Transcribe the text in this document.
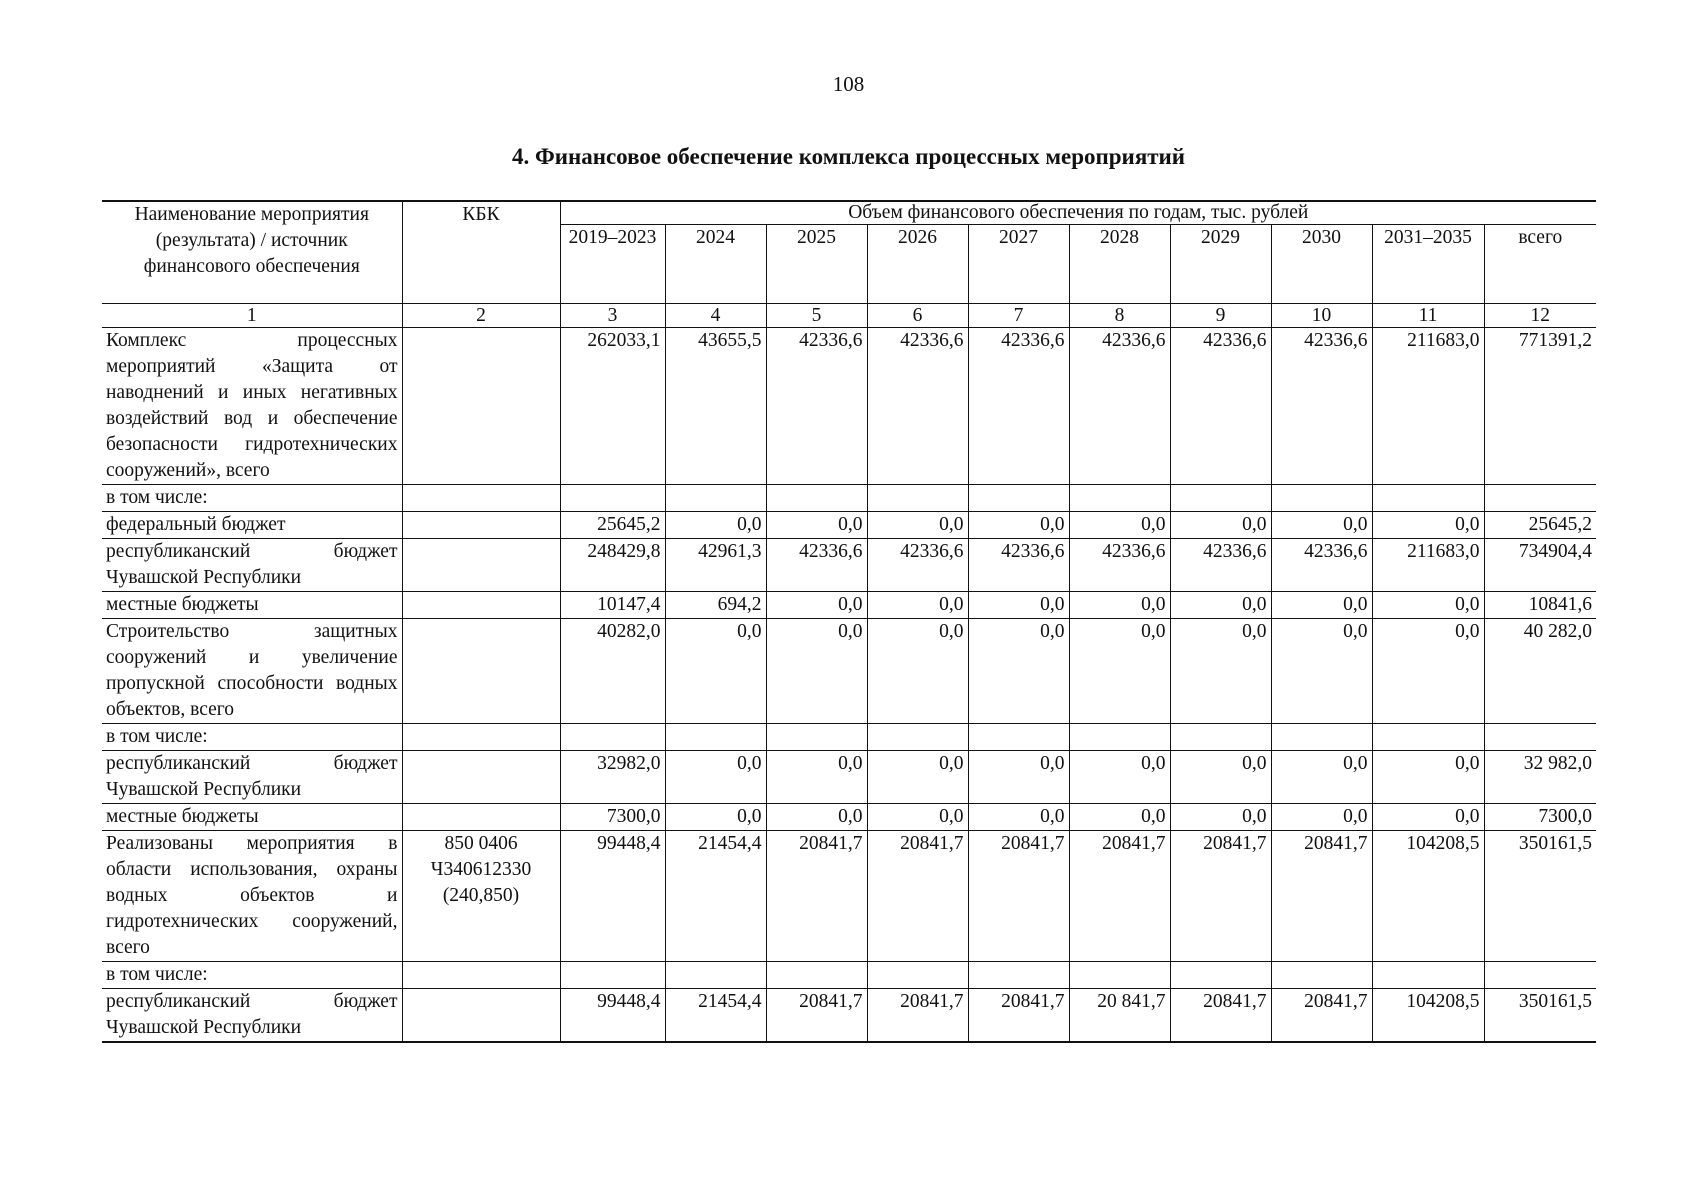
108
4. Финансовое обеспечение комплекса процессных мероприятий
Наименование мероприятия (результата) / источник финансового обеспечения	КБК	Объем финансового обеспечения по годам, тыс. рублей									
		2019–2023	2024	2025	2026	2027	2028	2029	2030	2031–2035	всего
1	2	3	4	5	6	7	8	9	10	11	12
Комплекс процессных мероприятий «Защита от наводнений и иных негативных воздействий вод и обеспечение безопасности гидротехнических сооружений», всего		262033,1	43655,5	42336,6	42336,6	42336,6	42336,6	42336,6	42336,6	211683,0	771391,2
в том числе:											
федеральный бюджет		25645,2	0,0	0,0	0,0	0,0	0,0	0,0	0,0	0,0	25645,2
республиканский бюджет Чувашской Республики		248429,8	42961,3	42336,6	42336,6	42336,6	42336,6	42336,6	42336,6	211683,0	734904,4
местные бюджеты		10147,4	694,2	0,0	0,0	0,0	0,0	0,0	0,0	0,0	10841,6
Строительство защитных сооружений и увеличение пропускной способности водных объектов, всего		40282,0	0,0	0,0	0,0	0,0	0,0	0,0	0,0	0,0	40 282,0
в том числе:											
республиканский бюджет Чувашской Республики		32982,0	0,0	0,0	0,0	0,0	0,0	0,0	0,0	0,0	32 982,0
местные бюджеты		7300,0	0,0	0,0	0,0	0,0	0,0	0,0	0,0	0,0	7300,0
Реализованы мероприятия в области использования, охраны водных объектов и гидротехнических сооружений, всего	850 0406 Ч340612330 (240,850)	99448,4	21454,4	20841,7	20841,7	20841,7	20841,7	20841,7	20841,7	104208,5	350161,5
в том числе:											
республиканский бюджет Чувашской Республики		99448,4	21454,4	20841,7	20841,7	20841,7	20 841,7	20841,7	20841,7	104208,5	350161,5
